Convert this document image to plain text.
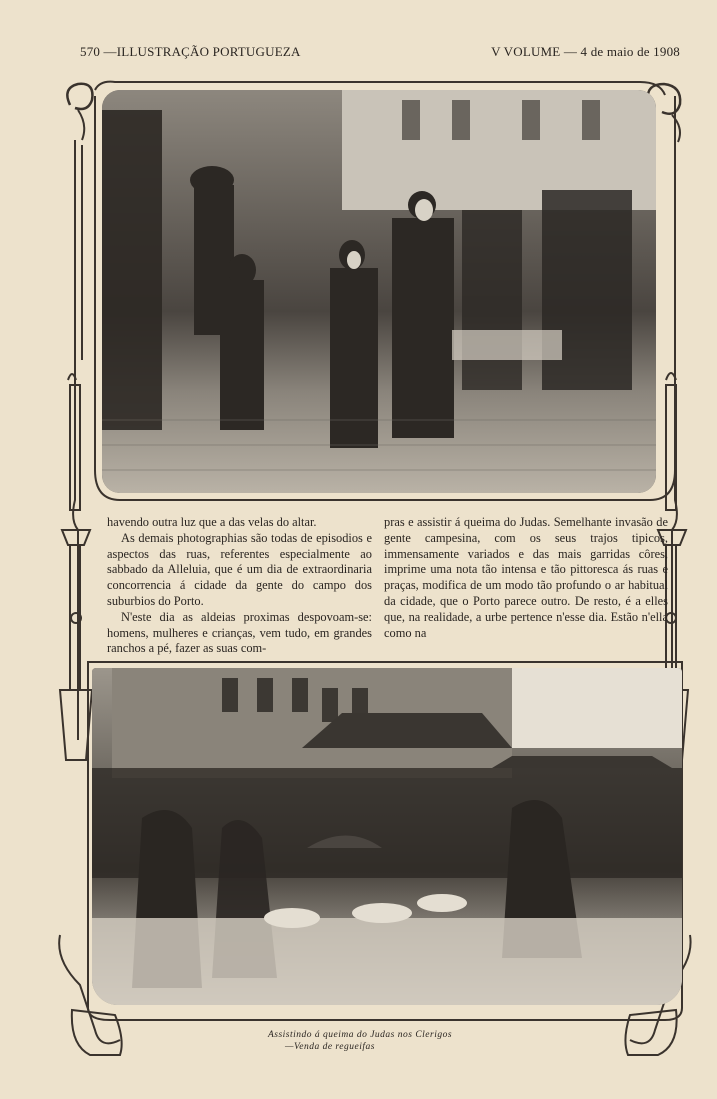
570 —ILLUSTRAÇÃO PORTUGUEZA	V VOLUME — 4 de maio de 1908

havendo outra luz que a das velas do altar.

As demais photographias são todas de episodios e aspectos das ruas, referentes especialmente ao sabbado da Alleluia, que é um dia de extraordinaria concorrencia á cidade da gente do campo dos suburbios do Porto.

N'este dia as aldeias proximas despovoam-se: homens, mulheres e crianças, vem tudo, em grandes ranchos a pé, fazer as suas com-

pras e assistir á queima do Judas. Semelhante invasão de gente campesina, com os seus trajos tipicos, immensamente variados e das mais garridas côres, imprime uma nota tão intensa e tão pittoresca ás ruas e praças, modifica de um modo tão profundo o ar habitual da cidade, que o Porto parece outro. De resto, é a elles que, na realidade, a urbe pertence n'esse dia. Estão n'ella como na

Assistindo á queima do Judas nos Clerigos
—Venda de regueifas
